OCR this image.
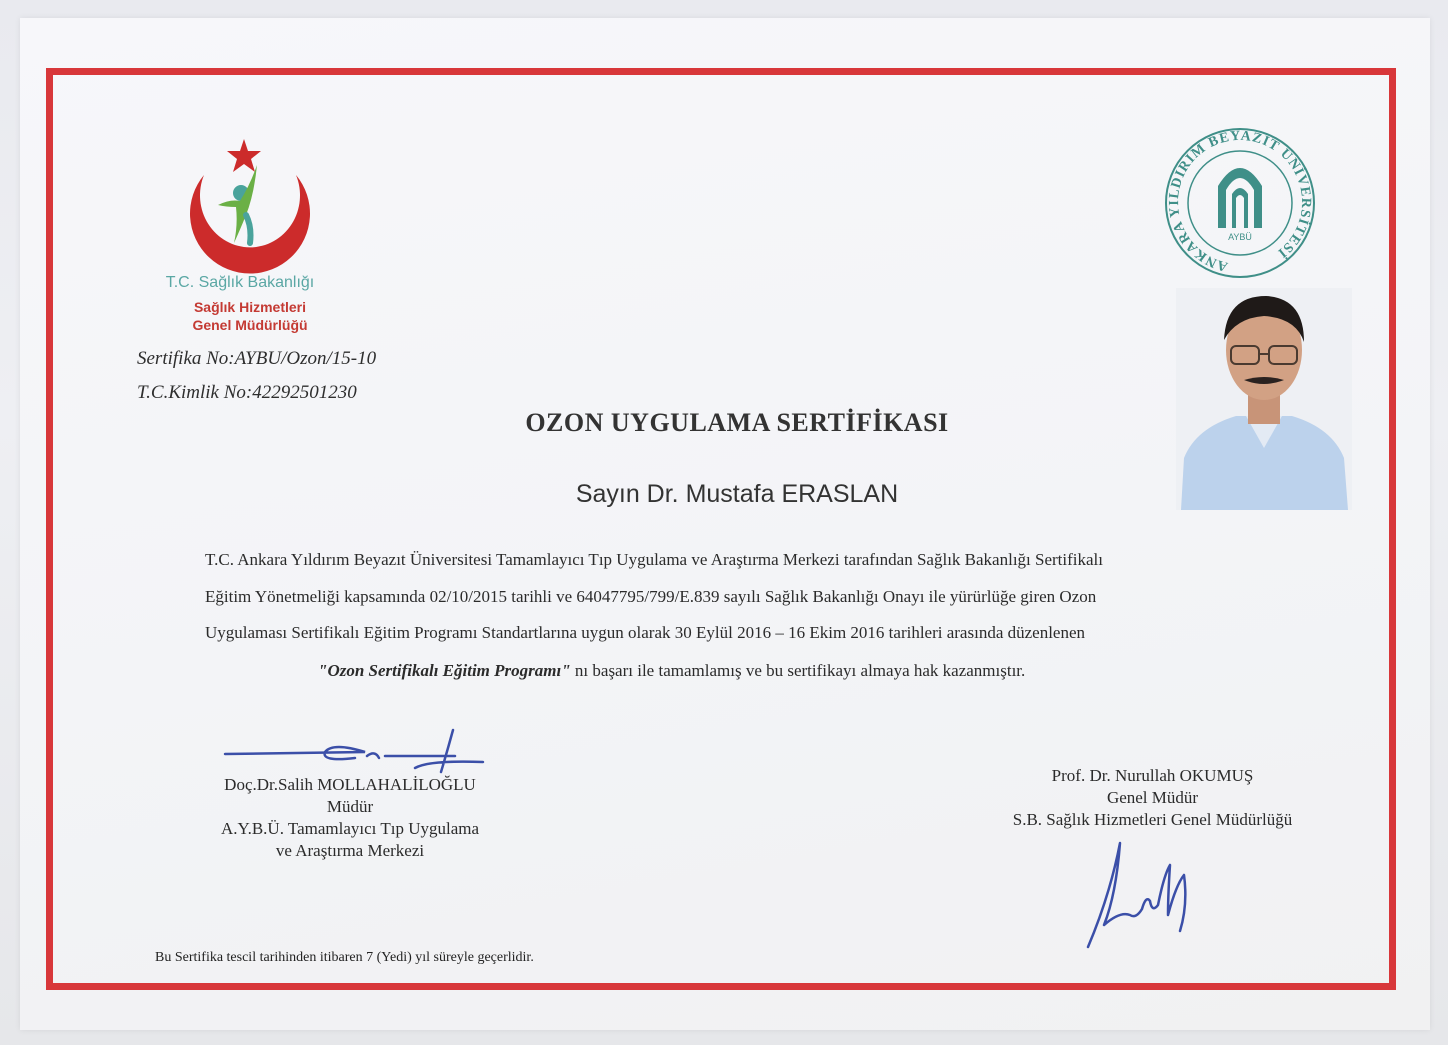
T.C. Sağlık Bakanlığı
Sağlık Hizmetleri
Genel Müdürlüğü
Sertifika No:AYBU/Ozon/15-10
T.C.Kimlik No:42292501230
ANKARA YILDIRIM BEYAZIT ÜNİVERSİTESİ
AYBÜ
OZON UYGULAMA SERTİFİKASI
Sayın Dr. Mustafa ERASLAN
T.C. Ankara Yıldırım Beyazıt Üniversitesi Tamamlayıcı Tıp Uygulama ve Araştırma Merkezi tarafından Sağlık Bakanlığı Sertifikalı
Eğitim Yönetmeliği kapsamında 02/10/2015 tarihli ve 64047795/799/E.839 sayılı Sağlık Bakanlığı Onayı ile yürürlüğe giren Ozon
Uygulaması Sertifikalı Eğitim Programı Standartlarına uygun olarak 30 Eylül 2016 – 16 Ekim 2016 tarihleri arasında düzenlenen
"Ozon Sertifikalı Eğitim Programı" nı başarı ile tamamlamış ve bu sertifikayı almaya hak kazanmıştır.
Doç.Dr.Salih MOLLAHALİLOĞLU
Müdür
A.Y.B.Ü. Tamamlayıcı Tıp Uygulama
ve Araştırma Merkezi
Prof. Dr. Nurullah OKUMUŞ
Genel Müdür
S.B. Sağlık Hizmetleri Genel Müdürlüğü
Bu Sertifika tescil tarihinden itibaren 7 (Yedi) yıl süreyle geçerlidir.
